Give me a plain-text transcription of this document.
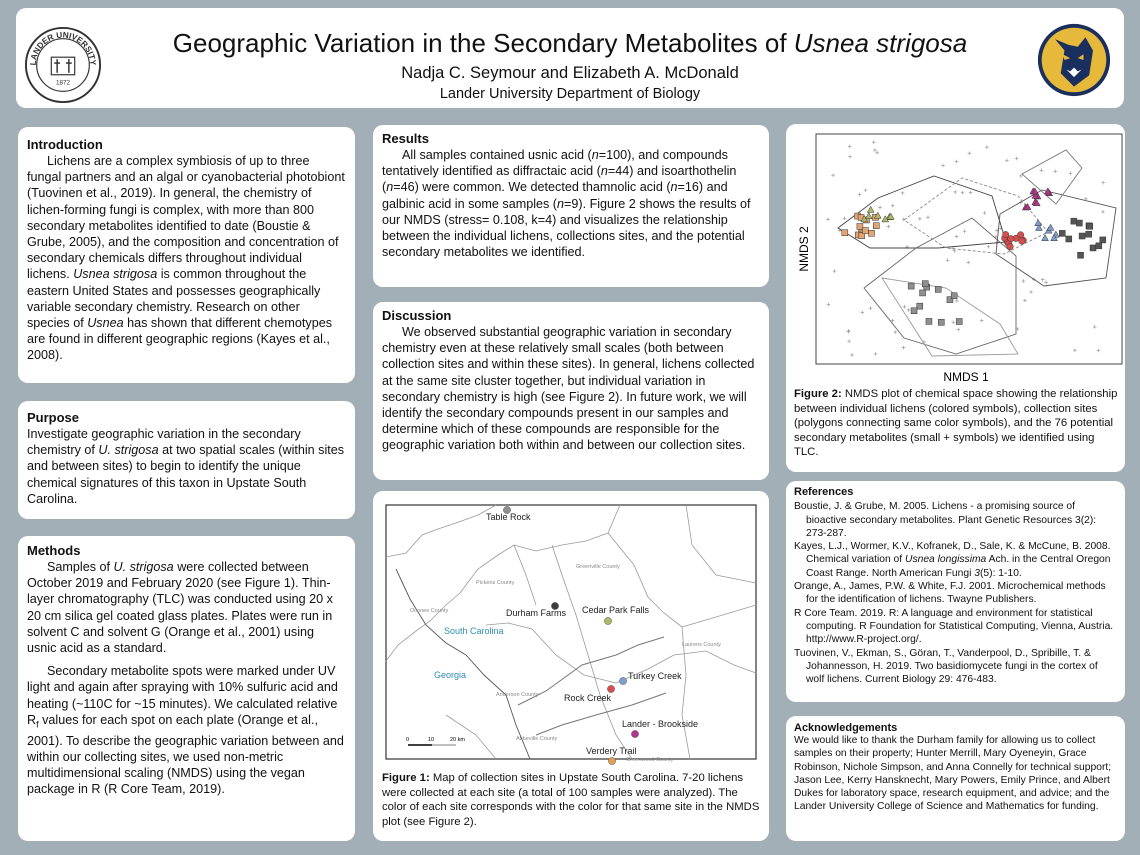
LANDER UNIVERSITY
1872
Geographic Variation in the Secondary Metabolites of Usnea strigosa
Nadja C. Seymour and Elizabeth A. McDonald
Lander University Department of Biology
Introduction

Lichens are a complex symbiosis of up to three fungal partners and an algal or cyanobacterial photobiont (Tuovinen et al., 2019). In general, the chemistry of lichen-forming fungi is complex, with more than 800 secondary metabolites identified to date (Boustie & Grube, 2005), and the composition and concentration of secondary chemicals differs throughout individual lichens. Usnea strigosa is common throughout the eastern United States and possesses geographically variable secondary chemistry. Research on other species of Usnea has shown that different chemotypes are found in different geographic regions (Kayes et al., 2008).

Purpose

Investigate geographic variation in the secondary chemistry of U. strigosa at two spatial scales (within sites and between sites) to begin to identify the unique chemical signatures of this taxon in Upstate South Carolina.

Methods

Samples of U. strigosa were collected between October 2019 and February 2020 (see Figure 1). Thin-layer chromatography (TLC) was conducted using 20 x 20 cm silica gel coated glass plates. Plates were run in solvent C and solvent G (Orange et al., 2001) using usnic acid as a standard.

Secondary metabolite spots were marked under UV light and again after spraying with 10% sulfuric acid and heating (~110C for ~15 minutes). We calculated relative $R_f$ values for each spot on each plate (Orange et al., 2001). To describe the geographic variation between and within our collecting sites, we used non-metric multidimensional scaling (NMDS) using the vegan package in R (R Core Team, 2019).

Results

All samples contained usnic acid (n=100), and compounds tentatively identified as diffractaic acid (n=44) and isoarthothelin (n=46) were common. We detected thamnolic acid (n=16) and galbinic acid in some samples (n=9). Figure 2 shows the results of our NMDS (stress= 0.108, k=4) and visualizes the relationship between the individual lichens, collections sites, and the potential secondary metabolites we identified.

Discussion

We observed substantial geographic variation in secondary chemistry even at these relatively small scales (both between collection sites and within these sites). In general, lichens collected at the same site cluster together, but individual variation in secondary chemistry is high (see Figure 2). In future work, we will identify the secondary compounds present in our samples and determine which of these compounds are responsible for the geographic variation both within and between our collection sites.

Pickens County
Greenville County
Oconee County
Laurens County
Anderson County
Abbeville County
Greenwood County
South Carolina
Georgia
Table Rock
Durham Farms Cedar Park Falls
Turkey Creek
Rock Creek
Lander - Brookside
Verdery Trail
0	10	20 km
Figure 1: Map of collection sites in Upstate South Carolina. 7-20 lichens were collected at each site (a total of 100 samples were analyzed). The color of each site corresponds with the color for that same site in the NMDS plot (see Figure 2).
NMDS 1
NMDS 2
Figure 2: NMDS plot of chemical space showing the relationship between individual lichens (colored symbols), collection sites (polygons connecting same color symbols), and the 76 potential secondary metabolites (small + symbols) we identified using TLC.
References

Boustie, J. & Grube, M. 2005. Lichens - a promising source of bioactive secondary metabolites. Plant Genetic Resources 3(2): 273-287.

Kayes, L.J., Wormer, K.V., Kofranek, D., Sale, K. & McCune, B. 2008. Chemical variation of Usnea longissima Ach. in the Central Oregon Coast Range. North American Fungi 3(5): 1-10.

Orange, A., James, P.W. & White, F.J. 2001. Microchemical methods for the identification of lichens. Twayne Publishers.

R Core Team. 2019. R: A language and environment for statistical computing. R Foundation for Statistical Computing, Vienna, Austria. http://www.R-project.org/.

Tuovinen, V., Ekman, S., Göran, T., Vanderpool, D., Spribille, T. & Johannesson, H. 2019. Two basidiomycete fungi in the cortex of wolf lichens. Current Biology 29: 476-483.

Acknowledgements

We would like to thank the Durham family for allowing us to collect samples on their property; Hunter Merrill, Mary Oyeneyin, Grace Robinson, Nichole Simpson, and Anna Connelly for technical support; Jason Lee, Kerry Hansknecht, Mary Powers, Emily Prince, and Albert Dukes for laboratory space, research equipment, and advice; and the Lander University College of Science and Mathematics for funding.
